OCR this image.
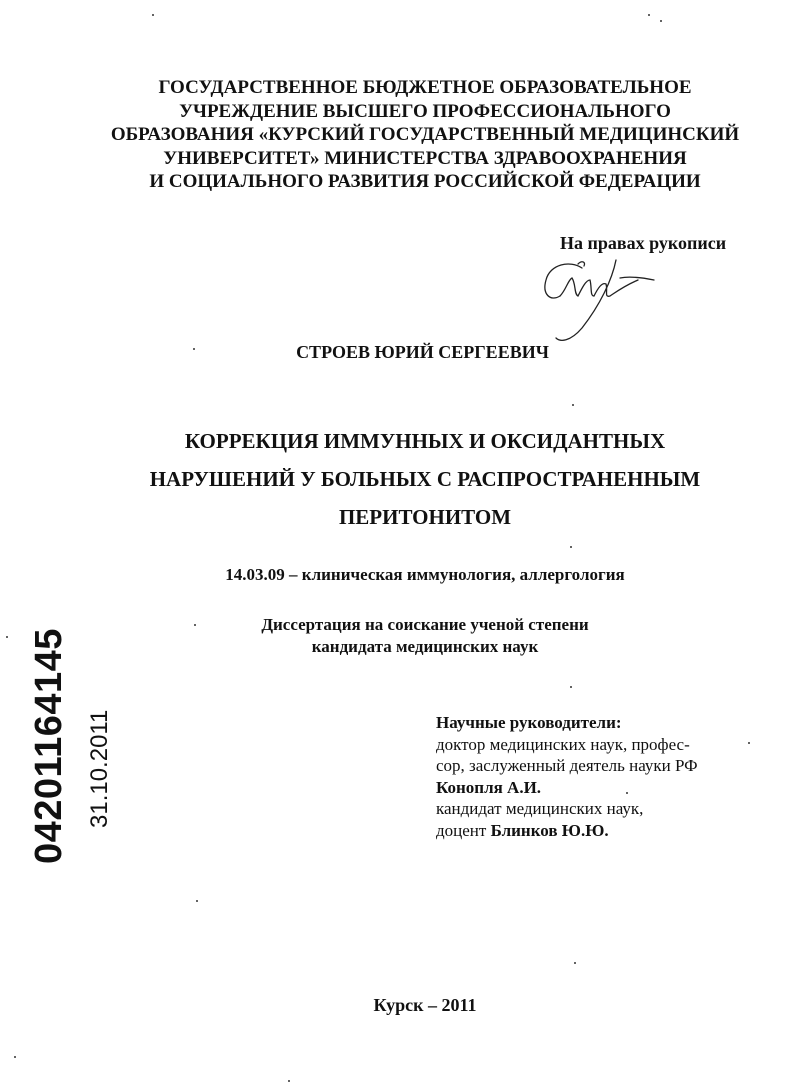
ГОСУДАРСТВЕННОЕ БЮДЖЕТНОЕ ОБРАЗОВАТЕЛЬНОЕ
УЧРЕЖДЕНИЕ ВЫСШЕГО ПРОФЕССИОНАЛЬНОГО
ОБРАЗОВАНИЯ «КУРСКИЙ ГОСУДАРСТВЕННЫЙ МЕДИЦИНСКИЙ
УНИВЕРСИТЕТ» МИНИСТЕРСТВА ЗДРАВООХРАНЕНИЯ
И СОЦИАЛЬНОГО РАЗВИТИЯ РОССИЙСКОЙ ФЕДЕРАЦИИ
На правах рукописи
СТРОЕВ ЮРИЙ СЕРГЕЕВИЧ
КОРРЕКЦИЯ ИММУННЫХ И ОКСИДАНТНЫХ
НАРУШЕНИЙ У БОЛЬНЫХ С РАСПРОСТРАНЕННЫМ
ПЕРИТОНИТОМ
14.03.09 – клиническая иммунология, аллергология
Диссертация на соискание ученой степени
кандидата медицинских наук
Научные руководители:
доктор медицинских наук, профес-
сор, заслуженный деятель науки РФ
Конопля А.И.
кандидат медицинских наук,
доцент Блинков Ю.Ю.
Курск – 2011
04201164145 31.10.2011
